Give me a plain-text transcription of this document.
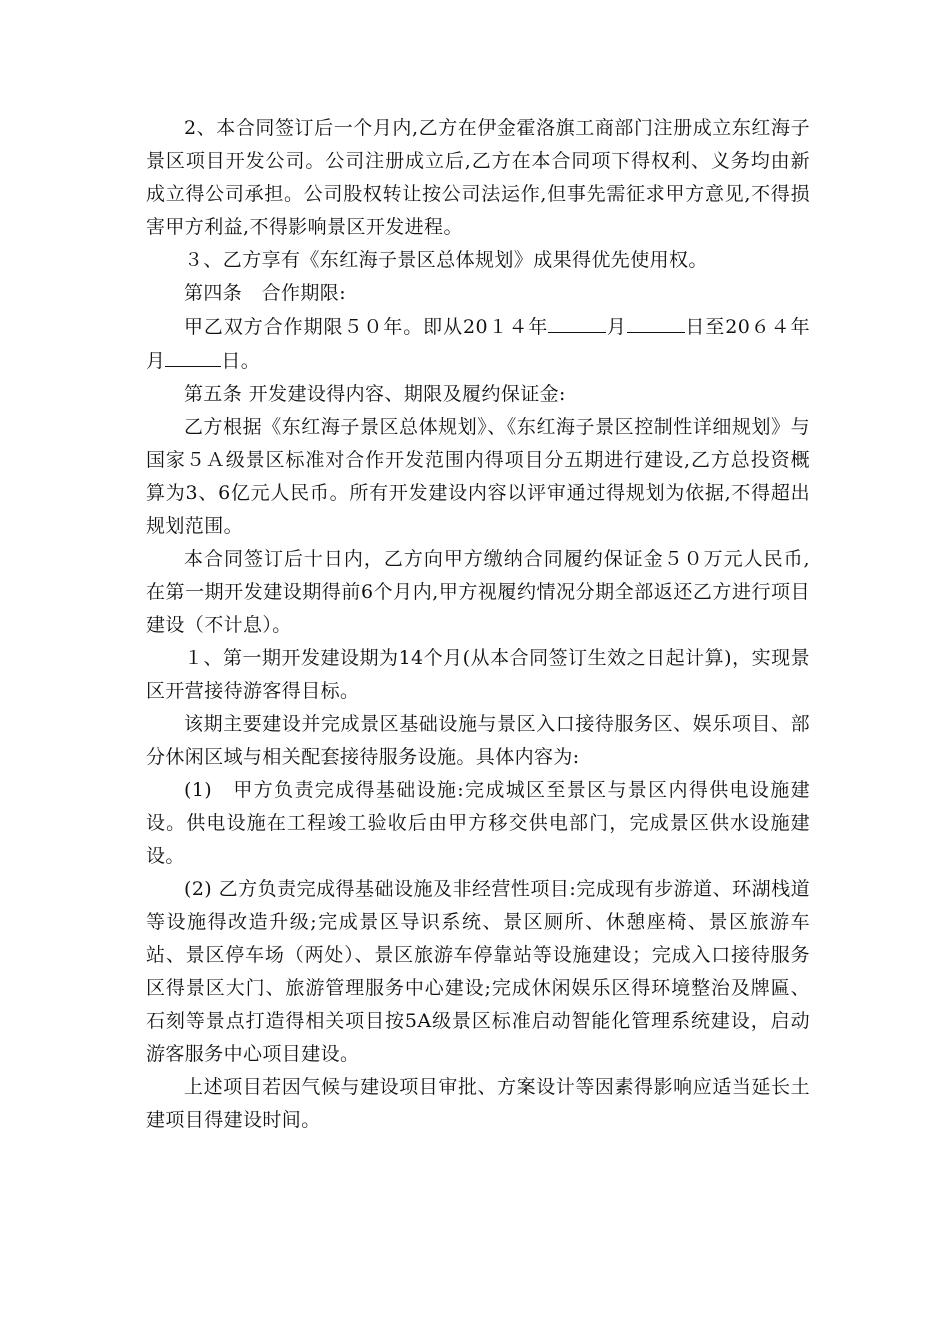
2、本合同签订后一个月内,乙方在伊金霍洛旗工商部门注册成立东红海子景区项目开发公司。公司注册成立后,乙方在本合同项下得权利、义务均由新成立得公司承担。公司股权转让按公司法运作,但事先需征求甲方意见,不得损害甲方利益,不得影响景区开发进程。

３、乙方享有《东红海子景区总体规划》成果得优先使用权。

第四条　合作期限:

甲乙双方合作期限５０年。即从20１４年	月	日至20６４年月	日。

第五条 开发建设得内容、期限及履约保证金:

乙方根据《东红海子景区总体规划》、《东红海子景区控制性详细规划》与国家５Ａ级景区标准对合作开发范围内得项目分五期进行建设,乙方总投资概算为3、6亿元人民币。所有开发建设内容以评审通过得规划为依据,不得超出规划范围。

本合同签订后十日内，乙方向甲方缴纳合同履约保证金５０万元人民币,在第一期开发建设期得前6个月内,甲方视履约情况分期全部返还乙方进行项目建设（不计息）。

１、第一期开发建设期为14个月(从本合同签订生效之日起计算)，实现景区开营接待游客得目标。

该期主要建设并完成景区基础设施与景区入口接待服务区、娱乐项目、部分休闲区域与相关配套接待服务设施。具体内容为:

(1)　甲方负责完成得基础设施:完成城区至景区与景区内得供电设施建设。供电设施在工程竣工验收后由甲方移交供电部门，完成景区供水设施建设。

(2) 乙方负责完成得基础设施及非经营性项目:完成现有步游道、环湖栈道等设施得改造升级;完成景区导识系统、景区厕所、休憩座椅、景区旅游车站、景区停车场（两处）、景区旅游车停靠站等设施建设；完成入口接待服务区得景区大门、旅游管理服务中心建设;完成休闲娱乐区得环境整治及牌匾、石刻等景点打造得相关项目按5A级景区标准启动智能化管理系统建设，启动游客服务中心项目建设。

上述项目若因气候与建设项目审批、方案设计等因素得影响应适当延长土建项目得建设时间。
